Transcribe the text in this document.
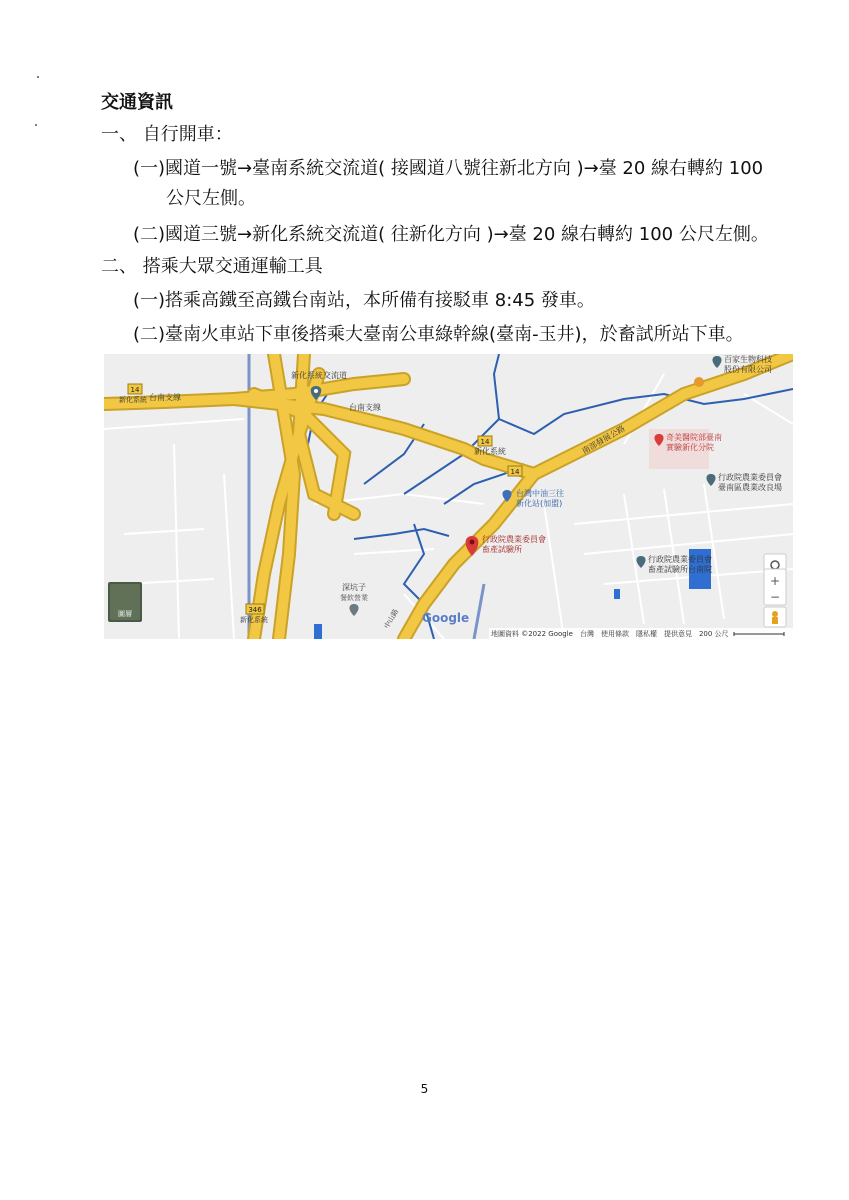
交通資訊
一、 自行開車：
(一)國道一號→臺南系統交流道( 接國道八號往新北方向 )→臺 20 線右轉約 100
公尺左側。
(二)國道三號→新化系統交流道( 往新化方向 )→臺 20 線右轉約 100 公尺左側。
二、 搭乘大眾交通運輸工具
(一)搭乘高鐵至高鐵台南站，本所備有接駁車 8:45 發車。
(二)臺南火車站下車後搭乘大臺南公車綠幹線(臺南-玉井)，於畜試所站下車。
14
14
14
346
新化系統交流道
台南支線
台南支線
新化系統
新化系統
新化系統
南部發展公路
台灣中油三往
新化站(加盟)
行政院農業委員會
畜產試驗所
奇美醫院部臺南
實驗新化分院
行政院農業委員會
臺南區農業改良場
行政院農業委員會
畜產試驗所台南院
百家生物科技
股份有限公司
深坑子
餐飲營業
中山路
圖層	Google
+
−
地圖資料 ©2022 Google　台灣　使用條款　隱私權　提供意見　200 公尺
5
